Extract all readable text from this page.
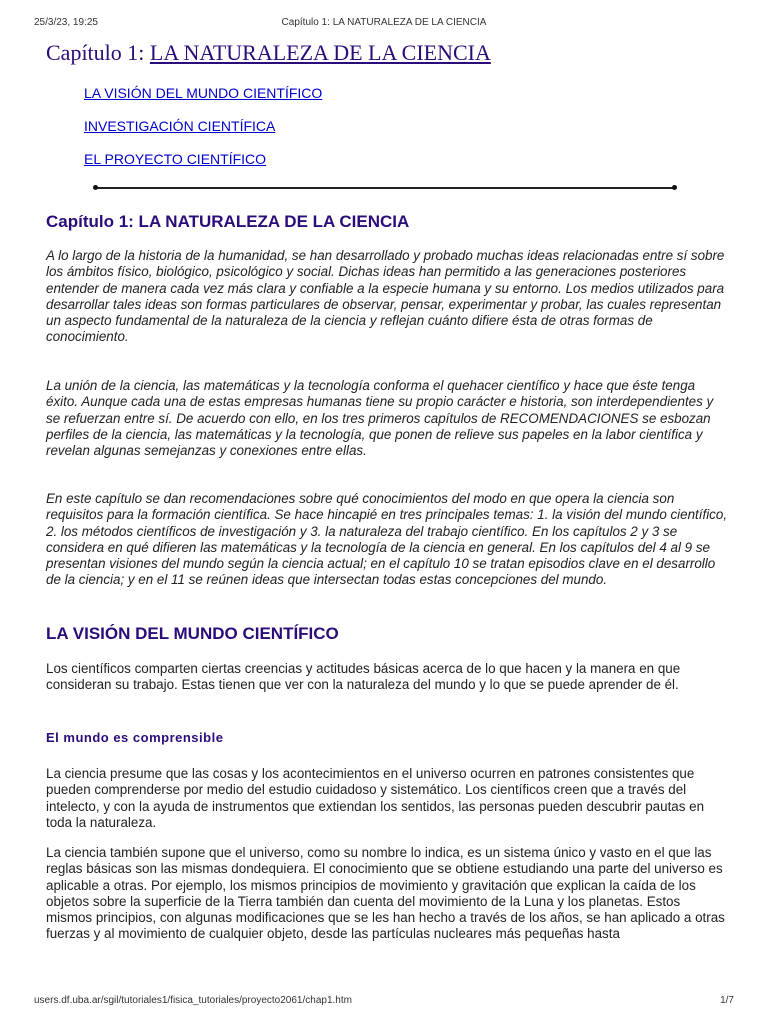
25/3/23, 19:25	Capítulo 1: LA NATURALEZA DE LA CIENCIA
Capítulo 1: LA NATURALEZA DE LA CIENCIA
LA VISIÓN DEL MUNDO CIENTÍFICO
INVESTIGACIÓN CIENTÍFICA
EL PROYECTO CIENTÍFICO
Capítulo 1: LA NATURALEZA DE LA CIENCIA
A lo largo de la historia de la humanidad, se han desarrollado y probado muchas ideas relacionadas entre sí sobre los ámbitos físico, biológico, psicológico y social. Dichas ideas han permitido a las generaciones posteriores entender de manera cada vez más clara y confiable a la especie humana y su entorno. Los medios utilizados para desarrollar tales ideas son formas particulares de observar, pensar, experimentar y probar, las cuales representan un aspecto fundamental de la naturaleza de la ciencia y reflejan cuánto difiere ésta de otras formas de conocimiento.
La unión de la ciencia, las matemáticas y la tecnología conforma el quehacer científico y hace que éste tenga éxito. Aunque cada una de estas empresas humanas tiene su propio carácter e historia, son interdependientes y se refuerzan entre sí. De acuerdo con ello, en los tres primeros capítulos de RECOMENDACIONES se esbozan perfiles de la ciencia, las matemáticas y la tecnología, que ponen de relieve sus papeles en la labor científica y revelan algunas semejanzas y conexiones entre ellas.
En este capítulo se dan recomendaciones sobre qué conocimientos del modo en que opera la ciencia son requisitos para la formación científica. Se hace hincapié en tres principales temas: 1. la visión del mundo científico, 2. los métodos científicos de investigación y 3. la naturaleza del trabajo científico. En los capítulos 2 y 3 se considera en qué difieren las matemáticas y la tecnología de la ciencia en general. En los capítulos del 4 al 9 se presentan visiones del mundo según la ciencia actual; en el capítulo 10 se tratan episodios clave en el desarrollo de la ciencia; y en el 11 se reúnen ideas que intersectan todas estas concepciones del mundo.
LA VISIÓN DEL MUNDO CIENTÍFICO
Los científicos comparten ciertas creencias y actitudes básicas acerca de lo que hacen y la manera en que consideran su trabajo. Estas tienen que ver con la naturaleza del mundo y lo que se puede aprender de él.
El mundo es comprensible
La ciencia presume que las cosas y los acontecimientos en el universo ocurren en patrones consistentes que pueden comprenderse por medio del estudio cuidadoso y sistemático. Los científicos creen que a través del intelecto, y con la ayuda de instrumentos que extiendan los sentidos, las personas pueden descubrir pautas en toda la naturaleza.
La ciencia también supone que el universo, como su nombre lo indica, es un sistema único y vasto en el que las reglas básicas son las mismas dondequiera. El conocimiento que se obtiene estudiando una parte del universo es aplicable a otras. Por ejemplo, los mismos principios de movimiento y gravitación que explican la caída de los objetos sobre la superficie de la Tierra también dan cuenta del movimiento de la Luna y los planetas. Estos mismos principios, con algunas modificaciones que se les han hecho a través de los años, se han aplicado a otras fuerzas y al movimiento de cualquier objeto, desde las partículas nucleares más pequeñas hasta
users.df.uba.ar/sgil/tutoriales1/fisica_tutoriales/proyecto2061/chap1.htm	1/7
